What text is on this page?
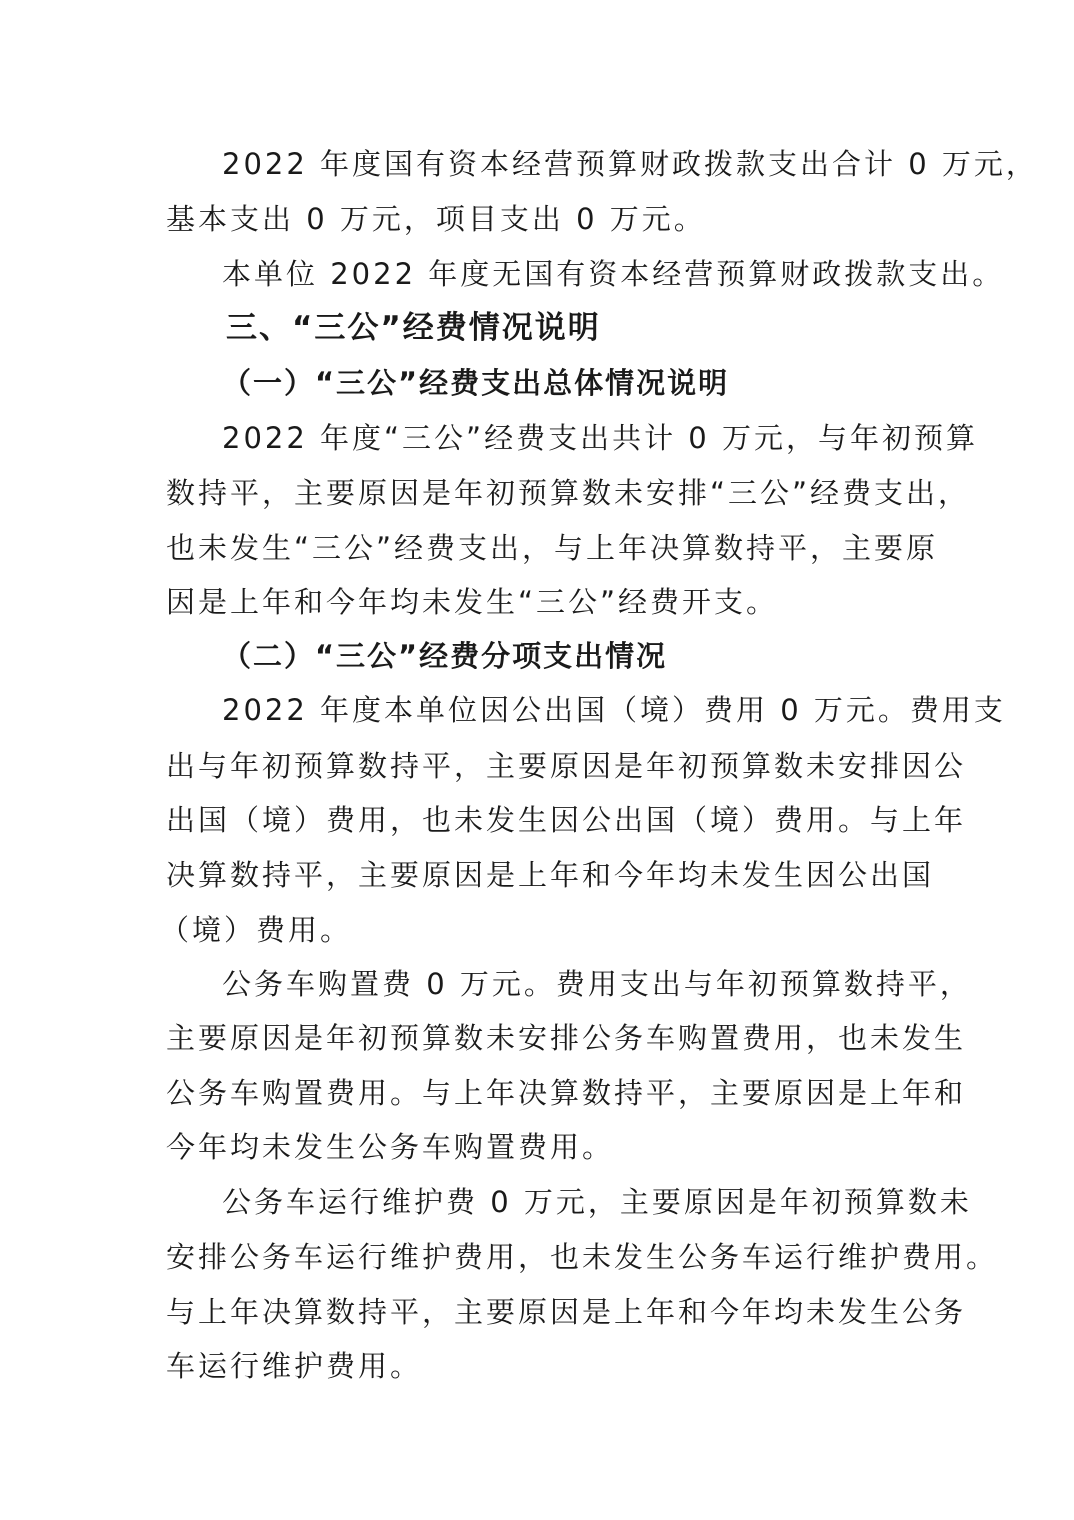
2022 年度国有资本经营预算财政拨款支出合计 0 万元，
基本支出 0 万元，项目支出 0 万元。
本单位 2022 年度无国有资本经营预算财政拨款支出。
三、“三公”经费情况说明
（一）“三公”经费支出总体情况说明
2022 年度“三公”经费支出共计 0 万元，与年初预算
数持平，主要原因是年初预算数未安排“三公”经费支出，
也未发生“三公”经费支出，与上年决算数持平，主要原
因是上年和今年均未发生“三公”经费开支。
（二）“三公”经费分项支出情况
2022 年度本单位因公出国（境）费用 0 万元。费用支
出与年初预算数持平，主要原因是年初预算数未安排因公
出国（境）费用，也未发生因公出国（境）费用。与上年
决算数持平，主要原因是上年和今年均未发生因公出国
（境）费用。
公务车购置费 0 万元。费用支出与年初预算数持平，
主要原因是年初预算数未安排公务车购置费用，也未发生
公务车购置费用。与上年决算数持平，主要原因是上年和
今年均未发生公务车购置费用。
公务车运行维护费 0 万元，主要原因是年初预算数未
安排公务车运行维护费用，也未发生公务车运行维护费用。
与上年决算数持平，主要原因是上年和今年均未发生公务
车运行维护费用。
